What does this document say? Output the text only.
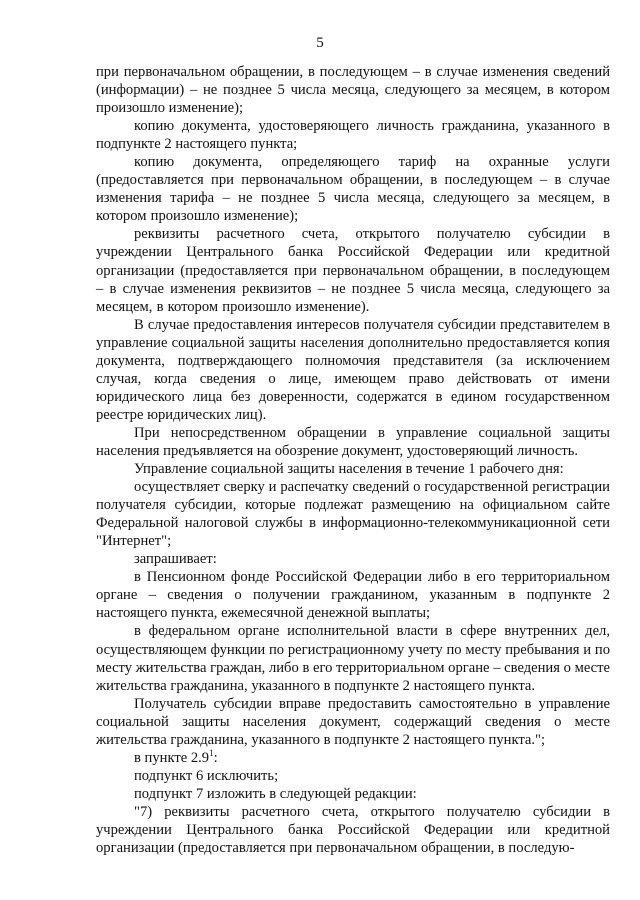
5

при первоначальном обращении, в последующем – в случае изменения сведений (информации) – не позднее 5 числа месяца, следующего за месяцем, в котором произошло изменение);

копию документа, удостоверяющего личность гражданина, указанного в подпункте 2 настоящего пункта;

копию документа, определяющего тариф на охранные услуги (предоставляется при первоначальном обращении, в последующем – в случае изменения тарифа – не позднее 5 числа месяца, следующего за месяцем, в котором произошло изменение);

реквизиты расчетного счета, открытого получателю субсидии в учреждении Центрального банка Российской Федерации или кредитной организации (предоставляется при первоначальном обращении, в последующем – в случае изменения реквизитов – не позднее 5 числа месяца, следующего за месяцем, в котором произошло изменение).

В случае предоставления интересов получателя субсидии представителем в управление социальной защиты населения дополнительно предоставляется копия документа, подтверждающего полномочия представителя (за исключением случая, когда сведения о лице, имеющем право действовать от имени юридического лица без доверенности, содержатся в едином государственном реестре юридических лиц).

При непосредственном обращении в управление социальной защиты населения предъявляется на обозрение документ, удостоверяющий личность.

Управление социальной защиты населения в течение 1 рабочего дня:

осуществляет сверку и распечатку сведений о государственной регистрации получателя субсидии, которые подлежат размещению на официальном сайте Федеральной налоговой службы в информационно-телекоммуникационной сети "Интернет";

запрашивает:

в Пенсионном фонде Российской Федерации либо в его территориальном органе – сведения о получении гражданином, указанным в подпункте 2 настоящего пункта, ежемесячной денежной выплаты;

в федеральном органе исполнительной власти в сфере внутренних дел, осуществляющем функции по регистрационному учету по месту пребывания и по месту жительства граждан, либо в его территориальном органе – сведения о месте жительства гражданина, указанного в подпункте 2 настоящего пункта.

Получатель субсидии вправе предоставить самостоятельно в управление социальной защиты населения документ, содержащий сведения о месте жительства гражданина, указанного в подпункте 2 настоящего пункта.";

в пункте $2.9^1$:

подпункт 6 исключить;

подпункт 7 изложить в следующей редакции:

"7) реквизиты расчетного счета, открытого получателю субсидии в учреждении Центрального банка Российской Федерации или кредитной организации (предоставляется при первоначальном обращении, в последую-
